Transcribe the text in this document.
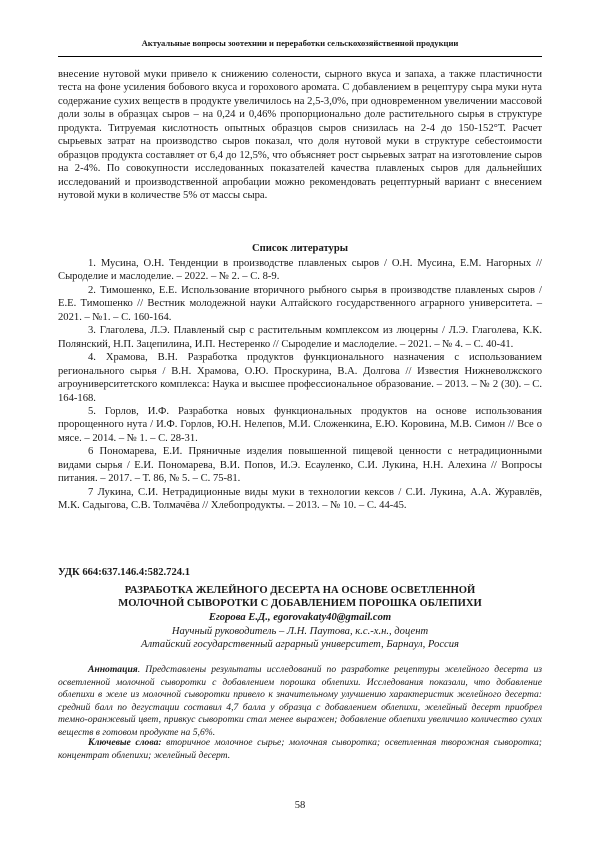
Актуальные вопросы зоотехнии и переработки сельскохозяйственной продукции

внесение нутовой муки привело к снижению солености, сырного вкуса и запаха, а также пластичности теста на фоне усиления бобового вкуса и горохового аромата. С добавлением в рецептуру сыра муки нута содержание сухих веществ в продукте увеличилось на 2,5-3,0%, при одновременном увеличении массовой доли золы в образцах сыров – на 0,24 и 0,46% пропорционально доле растительного сырья в структуре продукта. Титруемая кислотность опытных образцов сыров снизилась на 2-4 до 150-152°Т. Расчет сырьевых затрат на производство сыров показал, что доля нутовой муки в структуре себестоимости образцов продукта составляет от 6,4 до 12,5%, что объясняет рост сырьевых затрат на изготовление сыров на 2-4%. По совокупности исследованных показателей качества плавленых сыров для дальнейших исследований и производственной апробации можно рекомендовать рецептурный вариант с внесением нутовой муки в количестве 5% от массы сыра.

Список литературы
1. Мусина, О.Н. Тенденции в производстве плавленых сыров / О.Н. Мусина, Е.М. Нагорных // Сыроделие и маслоделие. – 2022. – № 2. – С. 8-9.
2. Тимошенко, Е.Е. Использование вторичного рыбного сырья в производстве плавленых сыров / Е.Е. Тимошенко // Вестник молодежной науки Алтайского государственного аграрного университета. – 2021. – №1. – С. 160-164.
3. Глаголева, Л.Э. Плавленый сыр с растительным комплексом из люцерны / Л.Э. Глаголева, К.К. Полянский, Н.П. Зацепилина, И.П. Нестеренко // Сыроделие и маслоделие. – 2021. – № 4. – С. 40-41.
4. Храмова, В.Н. Разработка продуктов функционального назначения с использованием регионального сырья / В.Н. Храмова, О.Ю. Проскурина, В.А. Долгова // Известия Нижневолжского агроуниверситетского комплекса: Наука и высшее профессиональное образование. – 2013. – № 2 (30). – С. 164-168.
5. Горлов, И.Ф. Разработка новых функциональных продуктов на основе использования пророщенного нута / И.Ф. Горлов, Ю.Н. Нелепов, М.И. Сложенкина, Е.Ю. Коровина, М.В. Симон // Все о мясе. – 2014. – № 1. – С. 28-31.
6 Пономарева, Е.И. Пряничные изделия повышенной пищевой ценности с нетрадиционными видами сырья / Е.И. Пономарева, В.И. Попов, И.Э. Есауленко, С.И. Лукина, Н.Н. Алехина // Вопросы питания. – 2017. – Т. 86, № 5. – С. 75-81.
7 Лукина, С.И. Нетрадиционные виды муки в технологии кексов / С.И. Лукина, А.А. Журавлёв, М.К. Садыгова, С.В. Толмачёва // Хлебопродукты. – 2013. – № 10. – С. 44-45.
УДК 664:637.146.4:582.724.1
РАЗРАБОТКА ЖЕЛЕЙНОГО ДЕСЕРТА НА ОСНОВЕ ОСВЕТЛЕННОЙ
МОЛОЧНОЙ СЫВОРОТКИ С ДОБАВЛЕНИЕМ ПОРОШКА ОБЛЕПИХИ
Егорова Е.Д., egorovakaty40@gmail.com
Научный руководитель – Л.Н. Паутова, к.с.-х.н., доцент
Алтайский государственный аграрный университет, Барнаул, Россия
Аннотация. Представлены результаты исследований по разработке рецептуры желейного десерта из осветленной молочной сыворотки с добавлением порошка облепихи. Исследования показали, что добавление облепихи в желе из молочной сыворотки привело к значительному улучшению характеристик желейного десерта: средний балл по дегустации составил 4,7 балла у образца с добавлением облепихи, желейный десерт приобрел темно-оранжевый цвет, привкус сыворотки стал менее выражен; добавление облепихи увеличило количество сухих веществ в готовом продукте на 5,6%.
Ключевые слова: вторичное молочное сырье; молочная сыворотка; осветленная творожная сыворотка; концентрат облепихи; желейный десерт.
58
